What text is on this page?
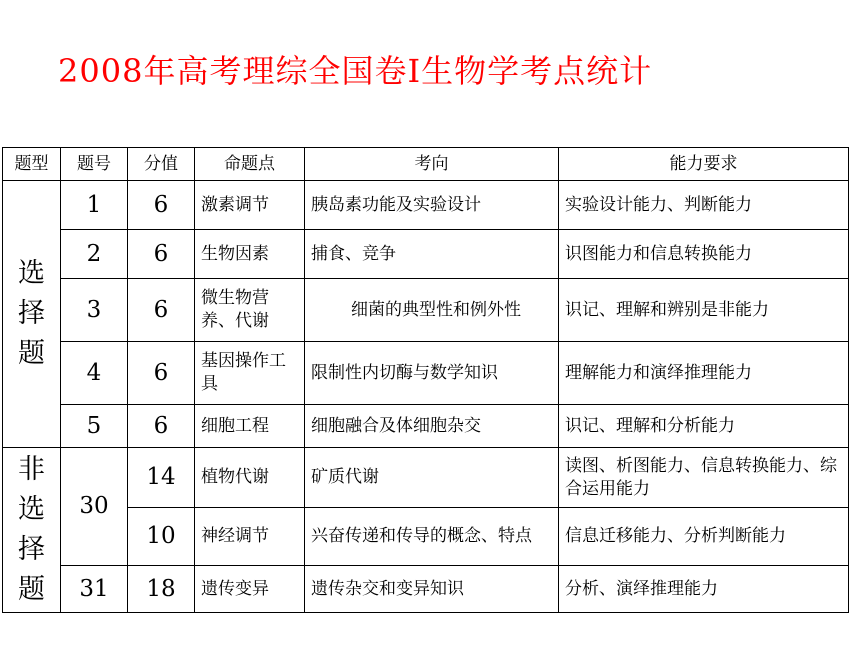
2008年高考理综全国卷Ⅰ生物学考点统计
题型	题号	分值	命题点	考向	能力要求

选
择
题	1	6	激素调节	胰岛素功能及实验设计	实验设计能力、判断能力
	2	6	生物因素	捕食、竞争	识图能力和信息转换能力
	3	6	微生物营养、代谢	细菌的典型性和例外性	识记、理解和辨别是非能力
	4	6	基因操作工具	限制性内切酶与数学知识	理解能力和演绎推理能力
	5	6	细胞工程	细胞融合及体细胞杂交	识记、理解和分析能力

非
选
择
题	30	14	植物代谢	矿质代谢	读图、析图能力、信息转换能力、综合运用能力
		10	神经调节	兴奋传递和传导的概念、特点	信息迁移能力、分析判断能力
	31	18	遗传变异	遗传杂交和变异知识	分析、演绎推理能力
